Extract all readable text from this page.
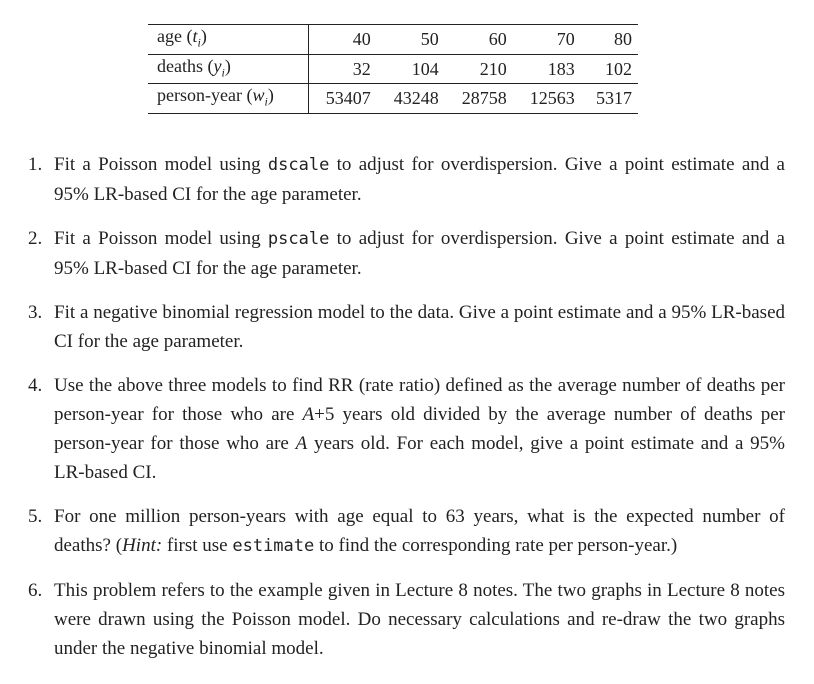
age $(t_i)$	40	50	60	70	80
deaths $(y_i)$	32	104	210	183	102
person-year $(w_i)$	53407	43248	28758	12563	5317
1. Fit a Poisson model using dscale to adjust for overdispersion. Give a point estimate and a 95% LR-based CI for the age parameter.
2. Fit a Poisson model using pscale to adjust for overdispersion. Give a point estimate and a 95% LR-based CI for the age parameter.
3. Fit a negative binomial regression model to the data. Give a point estimate and a 95% LR-based CI for the age parameter.
4. Use the above three models to find RR (rate ratio) defined as the average number of deaths per person-year for those who are A+5 years old divided by the average number of deaths per person-year for those who are A years old. For each model, give a point estimate and a 95% LR-based CI.
5. For one million person-years with age equal to 63 years, what is the expected number of deaths? (Hint: first use estimate to find the corresponding rate per person-year.)
6. This problem refers to the example given in Lecture 8 notes. The two graphs in Lecture 8 notes were drawn using the Poisson model. Do necessary calculations and re-draw the two graphs under the negative binomial model.
